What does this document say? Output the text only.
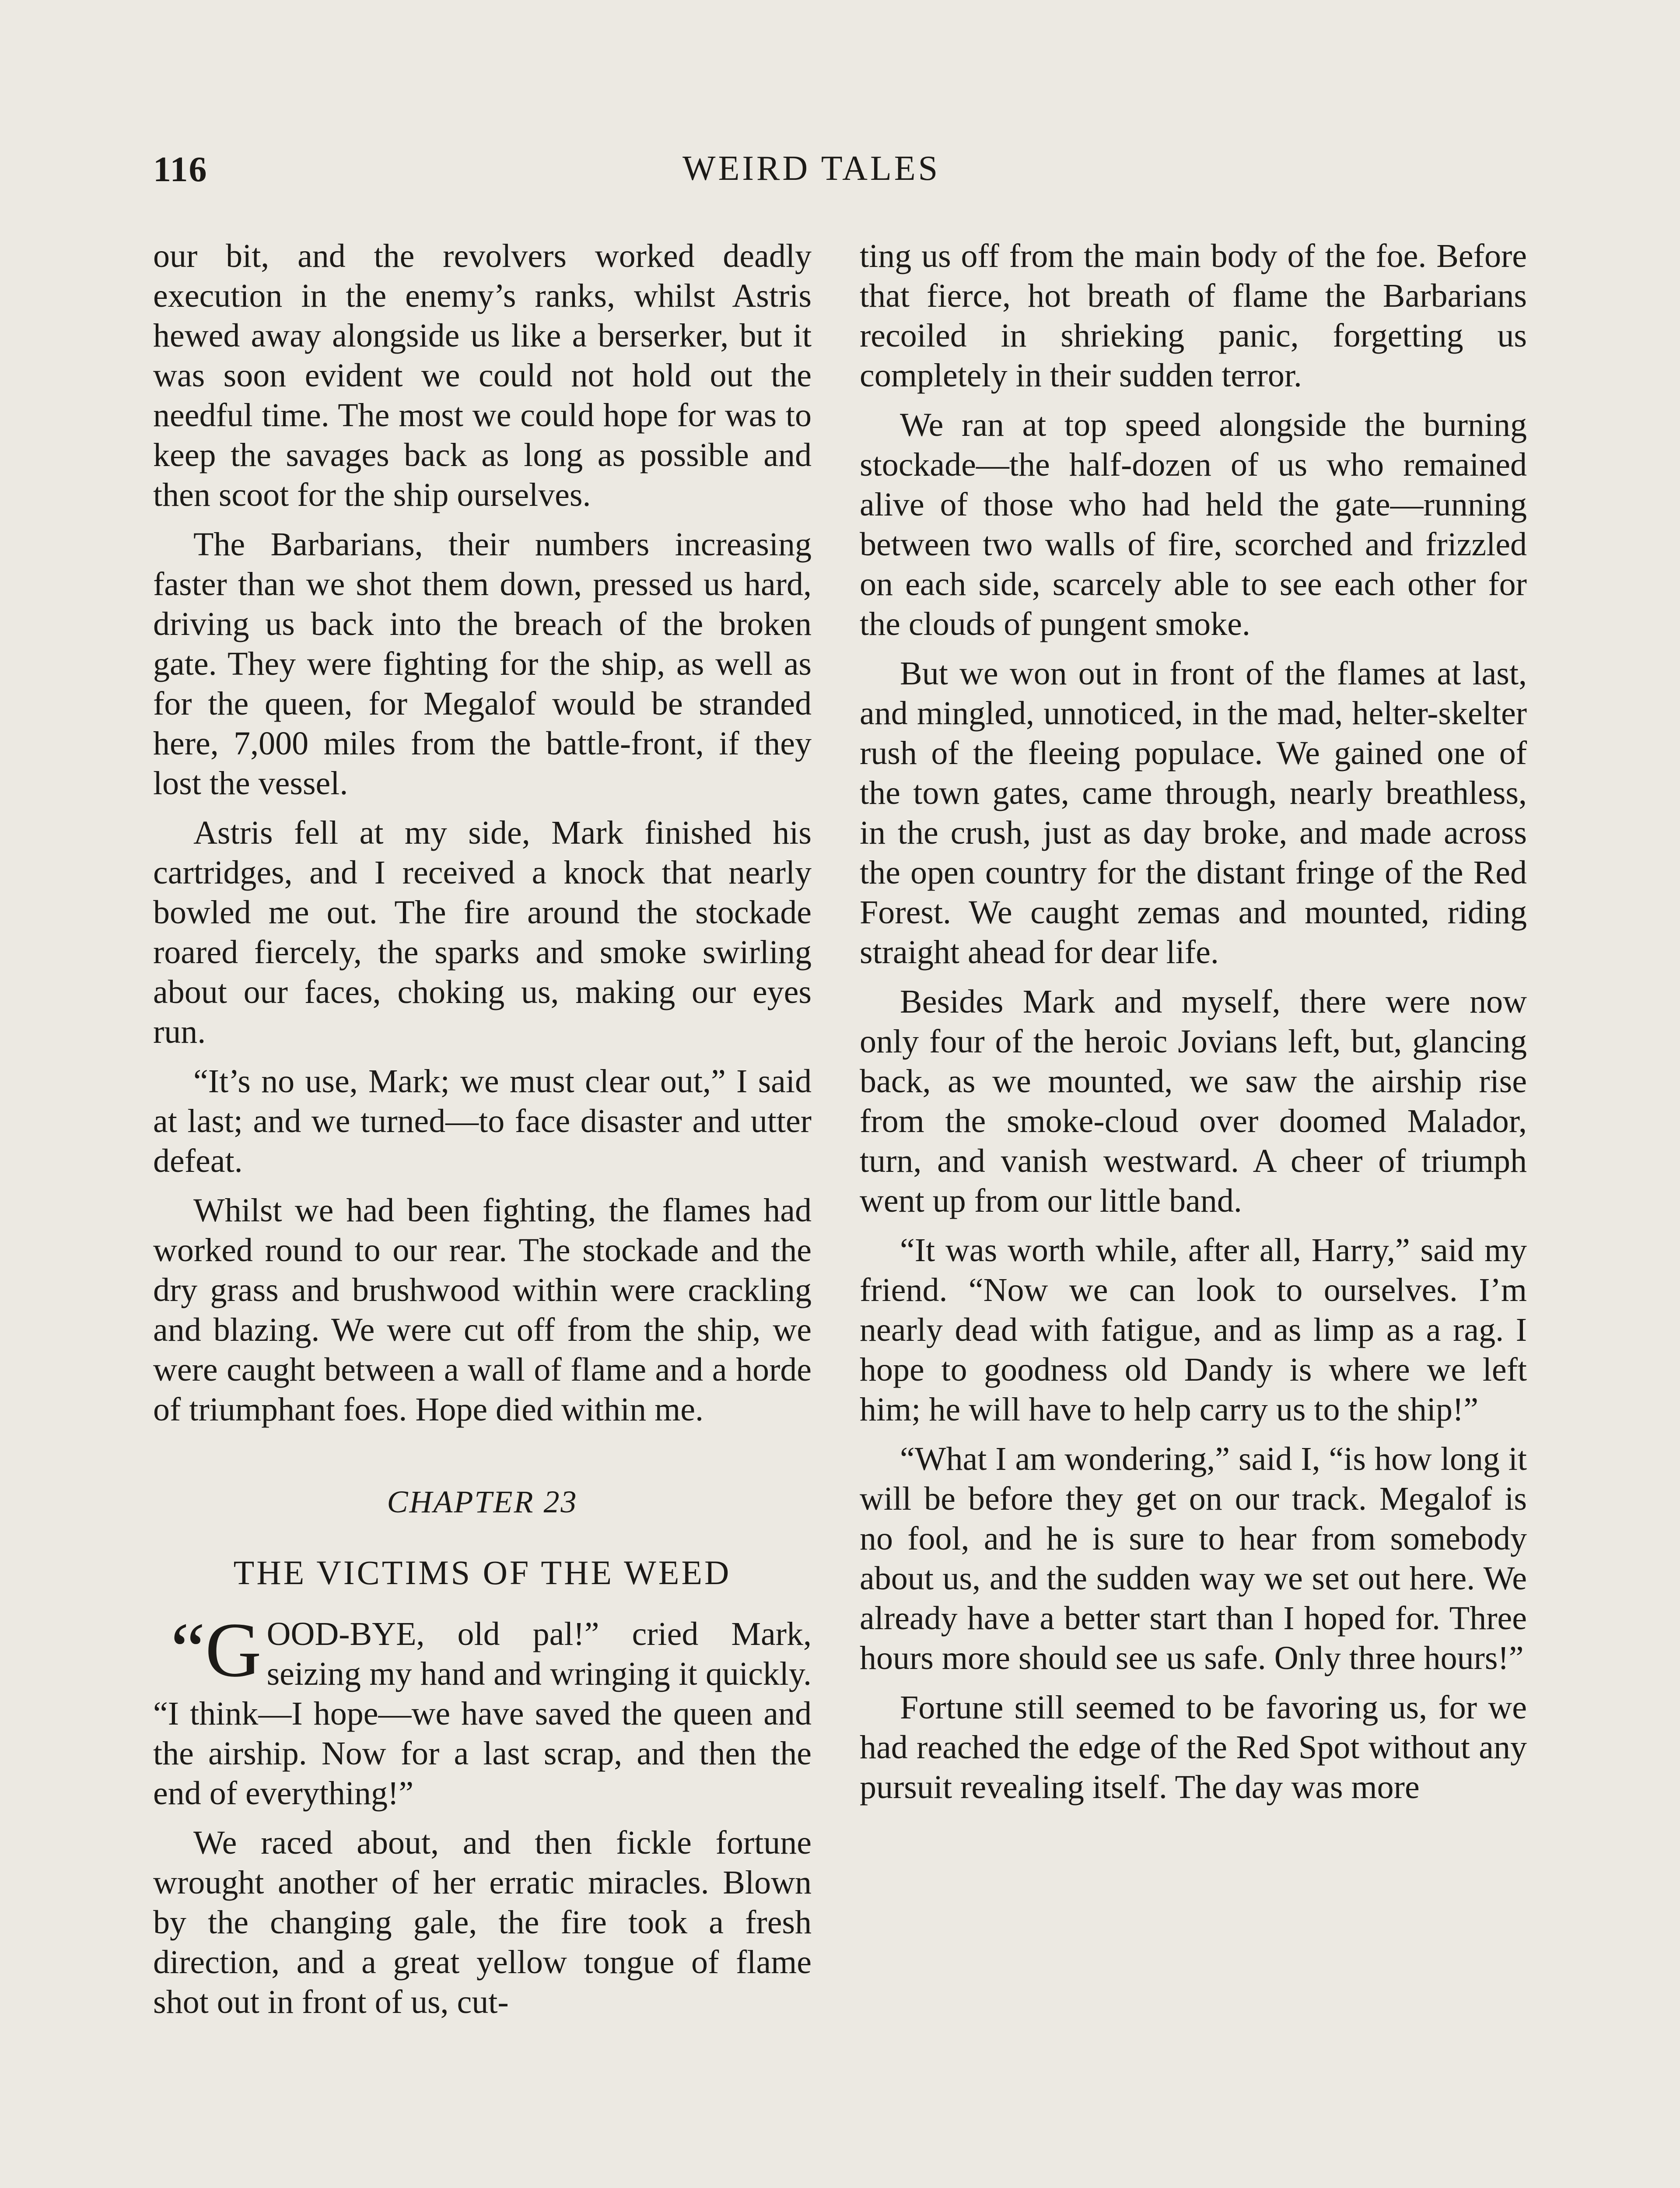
116	WEIRD TALES

our bit, and the revolvers worked deadly execution in the enemy’s ranks, whilst Astris hewed away alongside us like a berserker, but it was soon evident we could not hold out the needful time. The most we could hope for was to keep the savages back as long as possible and then scoot for the ship ourselves.

The Barbarians, their numbers increasing faster than we shot them down, pressed us hard, driving us back into the breach of the broken gate. They were fighting for the ship, as well as for the queen, for Megalof would be stranded here, 7,000 miles from the battle-front, if they lost the vessel.

Astris fell at my side, Mark finished his cartridges, and I received a knock that nearly bowled me out. The fire around the stockade roared fiercely, the sparks and smoke swirling about our faces, choking us, making our eyes run.

“It’s no use, Mark; we must clear out,” I said at last; and we turned—to face disaster and utter defeat.

Whilst we had been fighting, the flames had worked round to our rear. The stockade and the dry grass and brushwood within were crackling and blazing. We were cut off from the ship, we were caught between a wall of flame and a horde of triumphant foes. Hope died within me.

CHAPTER 23
THE VICTIMS OF THE WEED

“G OOD-BYE, old pal!” cried Mark, seizing my hand and wringing it quickly. “I think—I hope—we have saved the queen and the airship. Now for a last scrap, and then the end of everything!”

We raced about, and then fickle fortune wrought another of her erratic miracles. Blown by the changing gale, the fire took a fresh direction, and a great yellow tongue of flame shot out in front of us, cut-

ting us off from the main body of the foe. Before that fierce, hot breath of flame the Barbarians recoiled in shrieking panic, forgetting us completely in their sudden terror.

We ran at top speed alongside the burning stockade—the half-dozen of us who remained alive of those who had held the gate—running between two walls of fire, scorched and frizzled on each side, scarcely able to see each other for the clouds of pungent smoke.

But we won out in front of the flames at last, and mingled, unnoticed, in the mad, helter-skelter rush of the fleeing populace. We gained one of the town gates, came through, nearly breathless, in the crush, just as day broke, and made across the open country for the distant fringe of the Red Forest. We caught zemas and mounted, riding straight ahead for dear life.

Besides Mark and myself, there were now only four of the heroic Jovians left, but, glancing back, as we mounted, we saw the airship rise from the smoke-cloud over doomed Malador, turn, and vanish westward. A cheer of triumph went up from our little band.

“It was worth while, after all, Harry,” said my friend. “Now we can look to ourselves. I’m nearly dead with fatigue, and as limp as a rag. I hope to goodness old Dandy is where we left him; he will have to help carry us to the ship!”

“What I am wondering,” said I, “is how long it will be before they get on our track. Megalof is no fool, and he is sure to hear from somebody about us, and the sudden way we set out here. We already have a better start than I hoped for. Three hours more should see us safe. Only three hours!”

Fortune still seemed to be favoring us, for we had reached the edge of the Red Spot without any pursuit revealing itself. The day was more
